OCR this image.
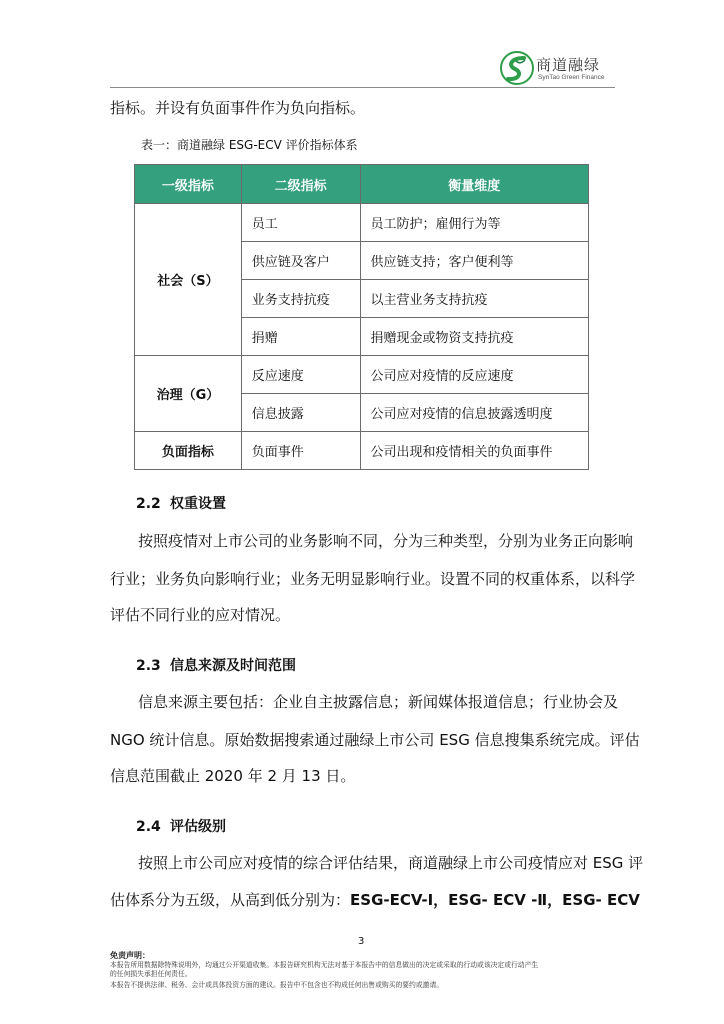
商道融绿
SynTao Green Finance
指标。并设有负面事件作为负向指标。
表一：商道融绿 ESG-ECV 评价指标体系
一级指标	二级指标	衡量维度
社会（S）	员工	员工防护；雇佣行为等
	供应链及客户	供应链支持；客户便利等
	业务支持抗疫	以主营业务支持抗疫
	捐赠	捐赠现金或物资支持抗疫
治理（G）	反应速度	公司应对疫情的反应速度
	信息披露	公司应对疫情的信息披露透明度
负面指标	负面事件	公司出现和疫情相关的负面事件
2.2 权重设置
按照疫情对上市公司的业务影响不同，分为三种类型，分别为业务正向影响
行业；业务负向影响行业；业务无明显影响行业。设置不同的权重体系，以科学
评估不同行业的应对情况。
2.3 信息来源及时间范围
信息来源主要包括：企业自主披露信息；新闻媒体报道信息；行业协会及
NGO 统计信息。原始数据搜索通过融绿上市公司 ESG 信息搜集系统完成。评估
信息范围截止 2020 年 2 月 13 日。
2.4 评估级别
按照上市公司应对疫情的综合评估结果，商道融绿上市公司疫情应对 ESG 评
估体系分为五级，从高到低分别为：ESG-ECV-Ⅰ，ESG- ECV -Ⅱ，ESG- ECV
3
免责声明：
本报告所用数据除特殊说明外，均通过公开渠道收集。本报告研究机构无法对基于本报告中的信息做出的决定或采取的行动或该决定或行动产生
的任何损失承担任何责任。
本报告不提供法律、税务、会计或具体投资方面的建议。报告中不包含也不构成任何出售或购买的要约或邀请。
